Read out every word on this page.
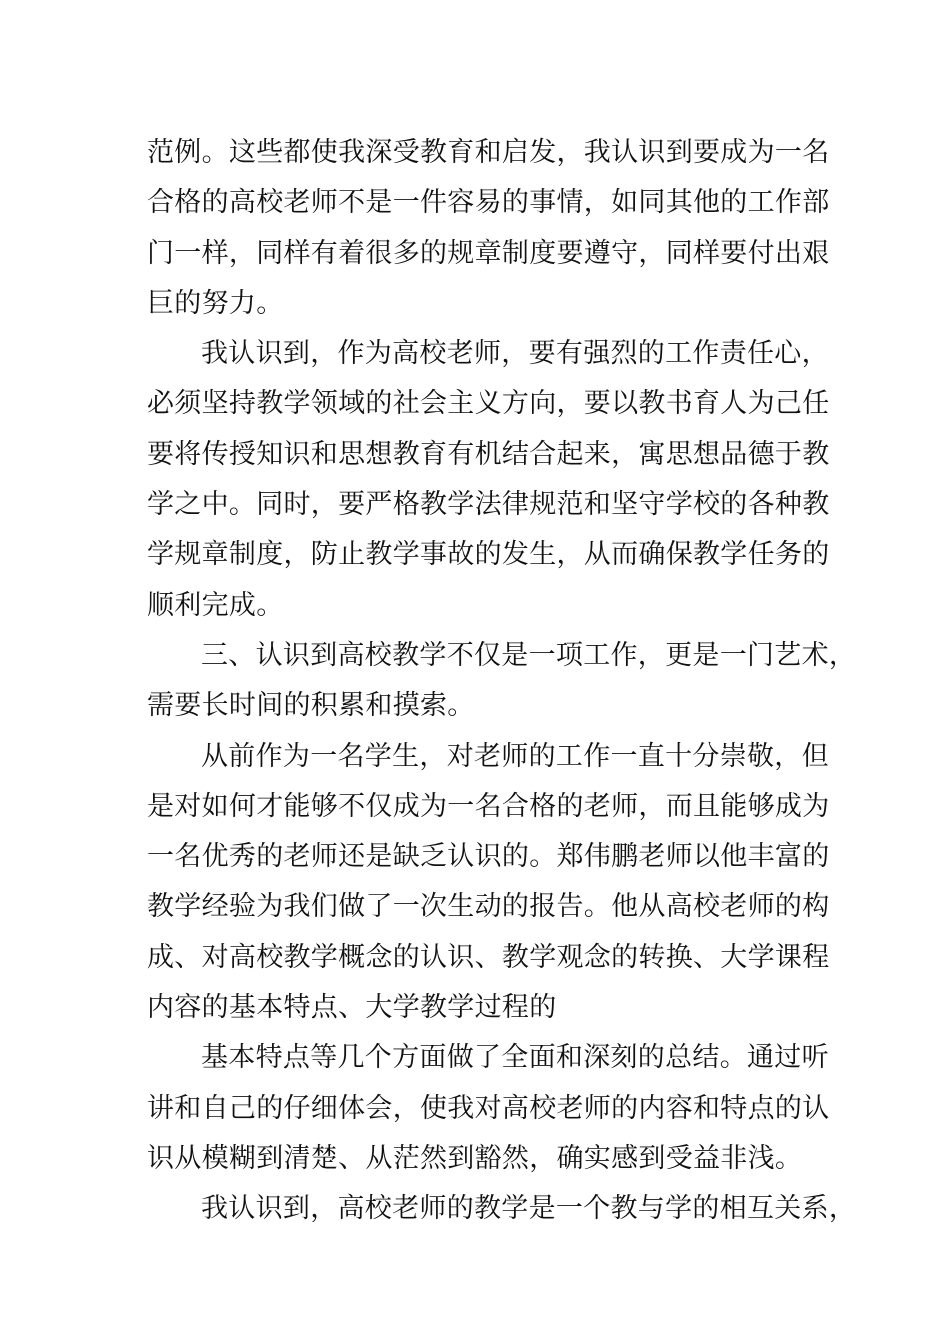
范例。这些都使我深受教育和启发，我认识到要成为一名
合格的高校老师不是一件容易的事情，如同其他的工作部
门一样，同样有着很多的规章制度要遵守，同样要付出艰
巨的努力。
我认识到，作为高校老师，要有强烈的工作责任心，
必须坚持教学领域的社会主义方向，要以教书育人为己任
要将传授知识和思想教育有机结合起来，寓思想品德于教
学之中。同时，要严格教学法律规范和坚守学校的各种教
学规章制度，防止教学事故的发生，从而确保教学任务的
顺利完成。
三、认识到高校教学不仅是一项工作，更是一门艺术，
需要长时间的积累和摸索。
从前作为一名学生，对老师的工作一直十分崇敬，但
是对如何才能够不仅成为一名合格的老师，而且能够成为
一名优秀的老师还是缺乏认识的。郑伟鹏老师以他丰富的
教学经验为我们做了一次生动的报告。他从高校老师的构
成、对高校教学概念的认识、教学观念的转换、大学课程
内容的基本特点、大学教学过程的
基本特点等几个方面做了全面和深刻的总结。通过听
讲和自己的仔细体会，使我对高校老师的内容和特点的认
识从模糊到清楚、从茫然到豁然，确实感到受益非浅。
我认识到，高校老师的教学是一个教与学的相互关系，
